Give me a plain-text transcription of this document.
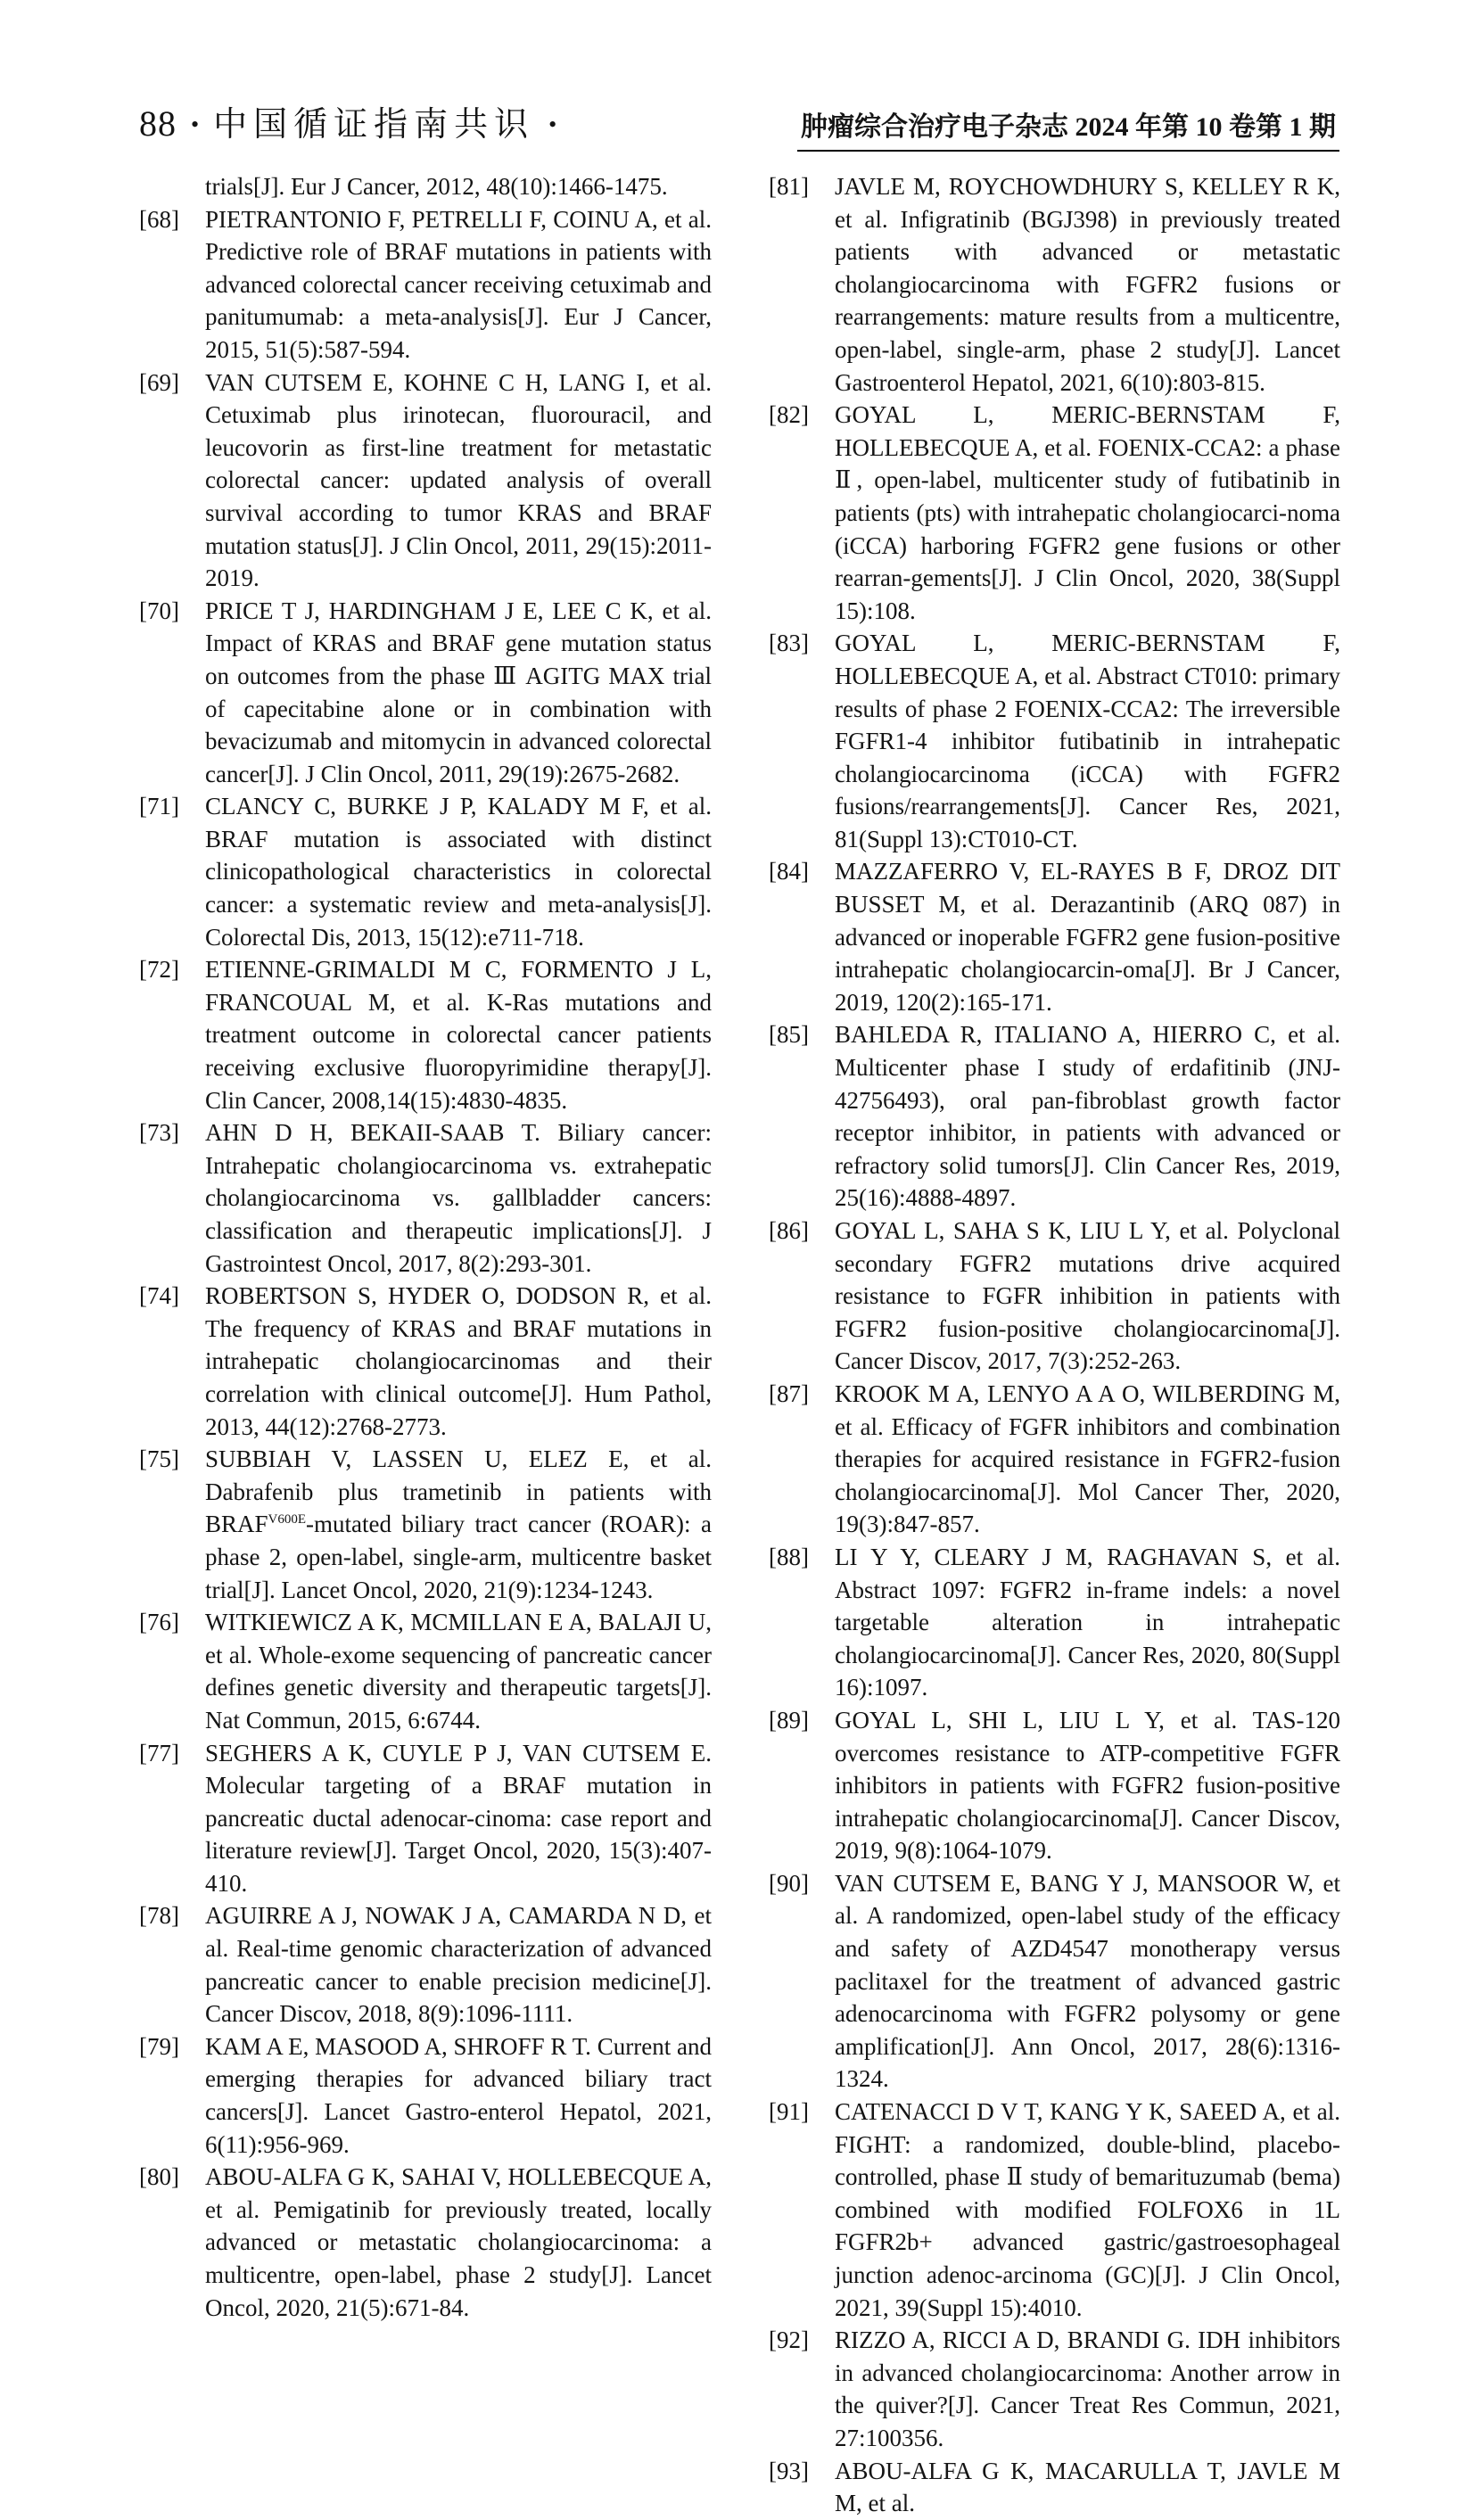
88 • 中国循证指南共识 •	肿瘤综合治疗电子杂志 2024 年第 10 卷第 1 期

trials[J]. Eur J Cancer, 2012, 48(10):1466-1475.

[68] PIETRANTONIO F, PETRELLI F, COINU A, et al. Predictive role of BRAF mutations in patients with advanced colorectal cancer receiving cetuximab and panitumumab: a meta-analysis[J]. Eur J Cancer, 2015, 51(5):587-594.

[69] VAN CUTSEM E, KOHNE C H, LANG I, et al. Cetuximab plus irinotecan, fluorouracil, and leucovorin as first-line treatment for metastatic colorectal cancer: updated analysis of overall survival according to tumor KRAS and BRAF mutation status[J]. J Clin Oncol, 2011, 29(15):2011-2019.

[70] PRICE T J, HARDINGHAM J E, LEE C K, et al. Impact of KRAS and BRAF gene mutation status on outcomes from the phase Ⅲ AGITG MAX trial of capecitabine alone or in combination with bevacizumab and mitomycin in advanced colorectal cancer[J]. J Clin Oncol, 2011, 29(19):2675-2682.

[71] CLANCY C, BURKE J P, KALADY M F, et al. BRAF mutation is associated with distinct clinicopathological characteristics in colorectal cancer: a systematic review and meta-analysis[J]. Colorectal Dis, 2013, 15(12):e711-718.

[72] ETIENNE-GRIMALDI M C, FORMENTO J L, FRANCOUAL M, et al. K-Ras mutations and treatment outcome in colorectal cancer patients receiving exclusive fluoropyrimidine therapy[J]. Clin Cancer, 2008,14(15):4830-4835.

[73] AHN D H, BEKAII-SAAB T. Biliary cancer: Intrahepatic cholangiocarcinoma vs. extrahepatic cholangiocarcinoma vs. gallbladder cancers: classification and therapeutic implications[J]. J Gastrointest Oncol, 2017, 8(2):293-301.

[74] ROBERTSON S, HYDER O, DODSON R, et al. The frequency of KRAS and BRAF mutations in intrahepatic cholangiocarcinomas and their correlation with clinical outcome[J]. Hum Pathol, 2013, 44(12):2768-2773.

[75] SUBBIAH V, LASSEN U, ELEZ E, et al. Dabrafenib plus trametinib in patients with $BRAF^{V600E}$-mutated biliary tract cancer (ROAR): a phase 2, open-label, single-arm, multicentre basket trial[J]. Lancet Oncol, 2020, 21(9):1234-1243.

[76] WITKIEWICZ A K, MCMILLAN E A, BALAJI U, et al. Whole-exome sequencing of pancreatic cancer defines genetic diversity and therapeutic targets[J]. Nat Commun, 2015, 6:6744.

[77] SEGHERS A K, CUYLE P J, VAN CUTSEM E. Molecular targeting of a BRAF mutation in pancreatic ductal adenocar-cinoma: case report and literature review[J]. Target Oncol, 2020, 15(3):407-410.

[78] AGUIRRE A J, NOWAK J A, CAMARDA N D, et al. Real-time genomic characterization of advanced pancreatic cancer to enable precision medicine[J]. Cancer Discov, 2018, 8(9):1096-1111.

[79] KAM A E, MASOOD A, SHROFF R T. Current and emerging therapies for advanced biliary tract cancers[J]. Lancet Gastro-enterol Hepatol, 2021, 6(11):956-969.

[80] ABOU-ALFA G K, SAHAI V, HOLLEBECQUE A, et al. Pemigatinib for previously treated, locally advanced or metastatic cholangiocarcinoma: a multicentre, open-label, phase 2 study[J]. Lancet Oncol, 2020, 21(5):671-84.

[81] JAVLE M, ROYCHOWDHURY S, KELLEY R K, et al. Infigratinib (BGJ398) in previously treated patients with advanced or metastatic cholangiocarcinoma with FGFR2 fusions or rearrangements: mature results from a multicentre, open-label, single-arm, phase 2 study[J]. Lancet Gastroenterol Hepatol, 2021, 6(10):803-815.

[82] GOYAL L, MERIC-BERNSTAM F, HOLLEBECQUE A, et al. FOENIX-CCA2: a phase Ⅱ, open-label, multicenter study of futibatinib in patients (pts) with intrahepatic cholangiocarci-noma (iCCA) harboring FGFR2 gene fusions or other rearran-gements[J]. J Clin Oncol, 2020, 38(Suppl 15):108.

[83] GOYAL L, MERIC-BERNSTAM F, HOLLEBECQUE A, et al. Abstract CT010: primary results of phase 2 FOENIX-CCA2: The irreversible FGFR1-4 inhibitor futibatinib in intrahepatic cholangiocarcinoma (iCCA) with FGFR2 fusions/rearrangements[J]. Cancer Res, 2021, 81(Suppl 13):CT010-CT.

[84] MAZZAFERRO V, EL-RAYES B F, DROZ DIT BUSSET M, et al. Derazantinib (ARQ 087) in advanced or inoperable FGFR2 gene fusion-positive intrahepatic cholangiocarcin-oma[J]. Br J Cancer, 2019, 120(2):165-171.

[85] BAHLEDA R, ITALIANO A, HIERRO C, et al. Multicenter phase I study of erdafitinib (JNJ-42756493), oral pan-fibroblast growth factor receptor inhibitor, in patients with advanced or refractory solid tumors[J]. Clin Cancer Res, 2019, 25(16):4888-4897.

[86] GOYAL L, SAHA S K, LIU L Y, et al. Polyclonal secondary FGFR2 mutations drive acquired resistance to FGFR inhibition in patients with FGFR2 fusion-positive cholangiocarcinoma[J]. Cancer Discov, 2017, 7(3):252-263.

[87] KROOK M A, LENYO A A O, WILBERDING M, et al. Efficacy of FGFR inhibitors and combination therapies for acquired resistance in FGFR2-fusion cholangiocarcinoma[J]. Mol Cancer Ther, 2020, 19(3):847-857.

[88] LI Y Y, CLEARY J M, RAGHAVAN S, et al. Abstract 1097: FGFR2 in-frame indels: a novel targetable alteration in intrahepatic cholangiocarcinoma[J]. Cancer Res, 2020, 80(Suppl 16):1097.

[89] GOYAL L, SHI L, LIU L Y, et al. TAS-120 overcomes resistance to ATP-competitive FGFR inhibitors in patients with FGFR2 fusion-positive intrahepatic cholangiocarcinoma[J]. Cancer Discov, 2019, 9(8):1064-1079.

[90] VAN CUTSEM E, BANG Y J, MANSOOR W, et al. A randomized, open-label study of the efficacy and safety of AZD4547 monotherapy versus paclitaxel for the treatment of advanced gastric adenocarcinoma with FGFR2 polysomy or gene amplification[J]. Ann Oncol, 2017, 28(6):1316-1324.

[91] CATENACCI D V T, KANG Y K, SAEED A, et al. FIGHT: a randomized, double-blind, placebo-controlled, phase Ⅱ study of bemarituzumab (bema) combined with modified FOLFOX6 in 1L FGFR2b+ advanced gastric/gastroesophageal junction adenoc-arcinoma (GC)[J]. J Clin Oncol, 2021, 39(Suppl 15):4010.

[92] RIZZO A, RICCI A D, BRANDI G. IDH inhibitors in advanced cholangiocarcinoma: Another arrow in the quiver?[J]. Cancer Treat Res Commun, 2021, 27:100356.

[93] ABOU-ALFA G K, MACARULLA T, JAVLE M M, et al.
